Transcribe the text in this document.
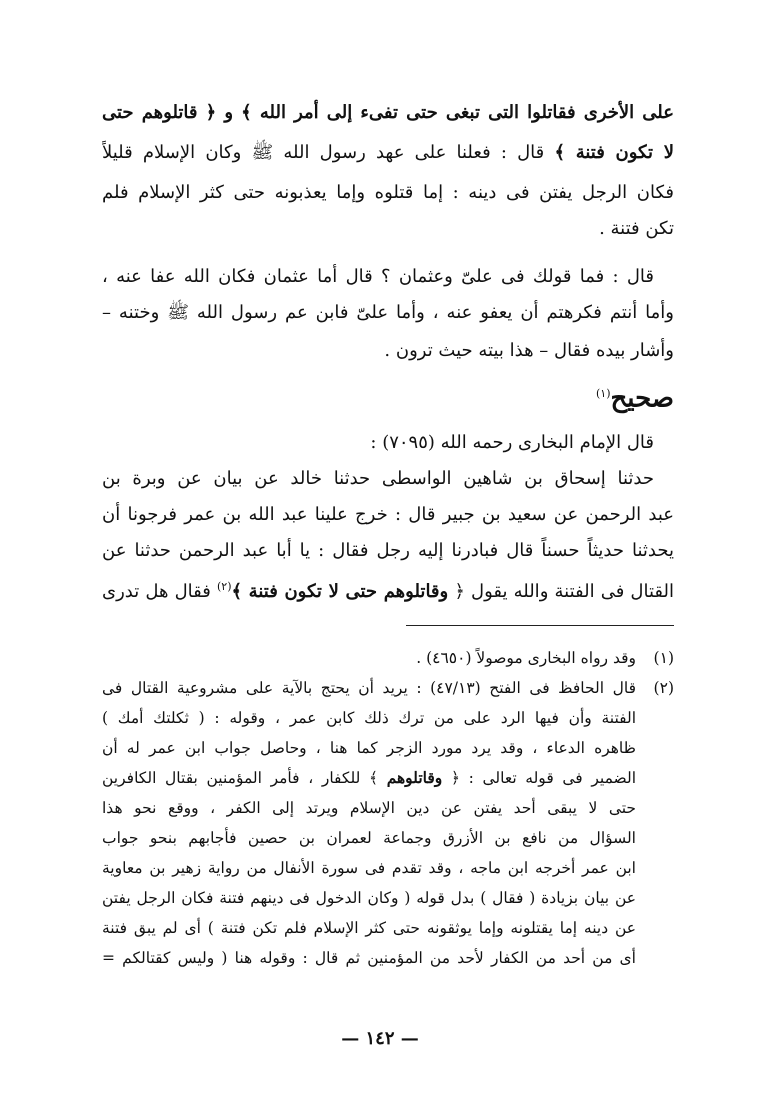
على الأخرى فقاتلوا التى تبغى حتى تفىء إلى أمر الله ﴾ و ﴿ قاتلوهم حتى
لا تكون فتنة ﴾ قال : فعلنا على عهد رسول الله ﷺ وكان الإسلام قليلاً
فكان الرجل يفتن فى دينه : إما قتلوه وإما يعذبونه حتى كثر الإسلام فلم
تكن فتنة .
قال : فما قولك فى علىّ وعثمان ؟ قال أما عثمان فكان الله عفا عنه ،
وأما أنتم فكرهتم أن يعفو عنه ، وأما علىّ فابن عم رسول الله ﷺ وختنه –
وأشار بيده فقال – هذا بيته حيث ترون .
صحيح$^{(١)}$
قال الإمام البخارى رحمه الله (٧٠٩٥) :
حدثنا إسحاق بن شاهين الواسطى حدثنا خالد عن بيان عن وبرة بن
عبد الرحمن عن سعيد بن جبير قال : خرج علينا عبد الله بن عمر فرجونا أن
يحدثنا حديثاً حسناً قال فبادرنا إليه رجل فقال : يا أبا عبد الرحمن حدثنا عن
القتال فى الفتنة والله يقول ﴿ وقاتلوهم حتى لا تكون فتنة ﴾$^{(٢)}$ فقال هل تدرى
(١)
وقد رواه البخارى موصولاً (٤٦٥٠) .
(٢)
قال الحافظ فى الفتح (٤٧/١٣) : يريد أن يحتج بالآية على مشروعية القتال فى
الفتنة وأن فيها الرد على من ترك ذلك كابن عمر ، وقوله : ( ثكلتك أمك )
ظاهره الدعاء ، وقد يرد مورد الزجر كما هنا ، وحاصل جواب ابن عمر له أن
الضمير فى قوله تعالى : ﴿ وقاتلوهم ﴾ للكفار ، فأمر المؤمنين بقتال الكافرين
حتى لا يبقى أحد يفتن عن دين الإسلام ويرتد إلى الكفر ، ووقع نحو هذا
السؤال من نافع بن الأزرق وجماعة لعمران بن حصين فأجابهم بنحو جواب
ابن عمر أخرجه ابن ماجه ، وقد تقدم فى سورة الأنفال من رواية زهير بن معاوية
عن بيان بزيادة ( فقال ) بدل قوله ( وكان الدخول فى دينهم فتنة فكان الرجل يفتن
عن دينه إما يقتلونه وإما يوثقونه حتى كثر الإسلام فلم تكن فتنة ) أى لم يبق فتنة
أى من أحد من الكفار لأحد من المؤمنين ثم قال : وقوله هنا ( وليس كقتالكم =
— ١٤٢ —
